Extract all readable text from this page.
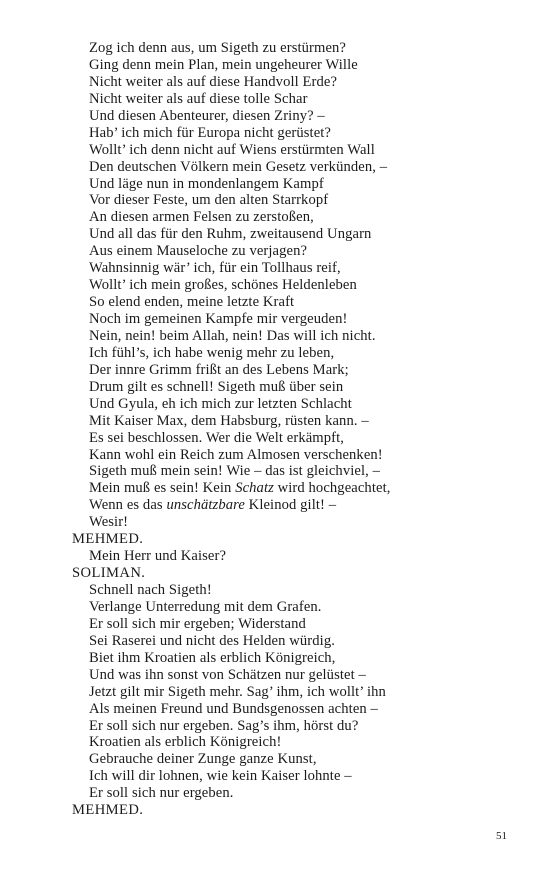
Zog ich denn aus, um Sigeth zu erstürmen?
Ging denn mein Plan, mein ungeheurer Wille
Nicht weiter als auf diese Handvoll Erde?
Nicht weiter als auf diese tolle Schar
Und diesen Abenteurer, diesen Zriny? –
Hab’ ich mich für Europa nicht gerüstet?
Wollt’ ich denn nicht auf Wiens erstürmten Wall
Den deutschen Völkern mein Gesetz verkünden, –
Und läge nun in mondenlangem Kampf
Vor dieser Feste, um den alten Starrkopf
An diesen armen Felsen zu zerstoßen,
Und all das für den Ruhm, zweitausend Ungarn
Aus einem Mauseloche zu verjagen?
Wahnsinnig wär’ ich, für ein Tollhaus reif,
Wollt’ ich mein großes, schönes Heldenleben
So elend enden, meine letzte Kraft
Noch im gemeinen Kampfe mir vergeuden!
Nein, nein! beim Allah, nein! Das will ich nicht.
Ich fühl’s, ich habe wenig mehr zu leben,
Der innre Grimm frißt an des Lebens Mark;
Drum gilt es schnell! Sigeth muß über sein
Und Gyula, eh ich mich zur letzten Schlacht
Mit Kaiser Max, dem Habsburg, rüsten kann. –
Es sei beschlossen. Wer die Welt erkämpft,
Kann wohl ein Reich zum Almosen verschenken!
Sigeth muß mein sein! Wie – das ist gleichviel, –
Mein muß es sein! Kein Schatz wird hochgeachtet,
Wenn es das unschätzbare Kleinod gilt! –
Wesir!
MEHMED.
Mein Herr und Kaiser?
SOLIMAN.
Schnell nach Sigeth!
Verlange Unterredung mit dem Grafen.
Er soll sich mir ergeben; Widerstand
Sei Raserei und nicht des Helden würdig.
Biet ihm Kroatien als erblich Königreich,
Und was ihn sonst von Schätzen nur gelüstet –
Jetzt gilt mir Sigeth mehr. Sag’ ihm, ich wollt’ ihn
Als meinen Freund und Bundsgenossen achten –
Er soll sich nur ergeben. Sag’s ihm, hörst du?
Kroatien als erblich Königreich!
Gebrauche deiner Zunge ganze Kunst,
Ich will dir lohnen, wie kein Kaiser lohnte –
Er soll sich nur ergeben.
MEHMED.
51
